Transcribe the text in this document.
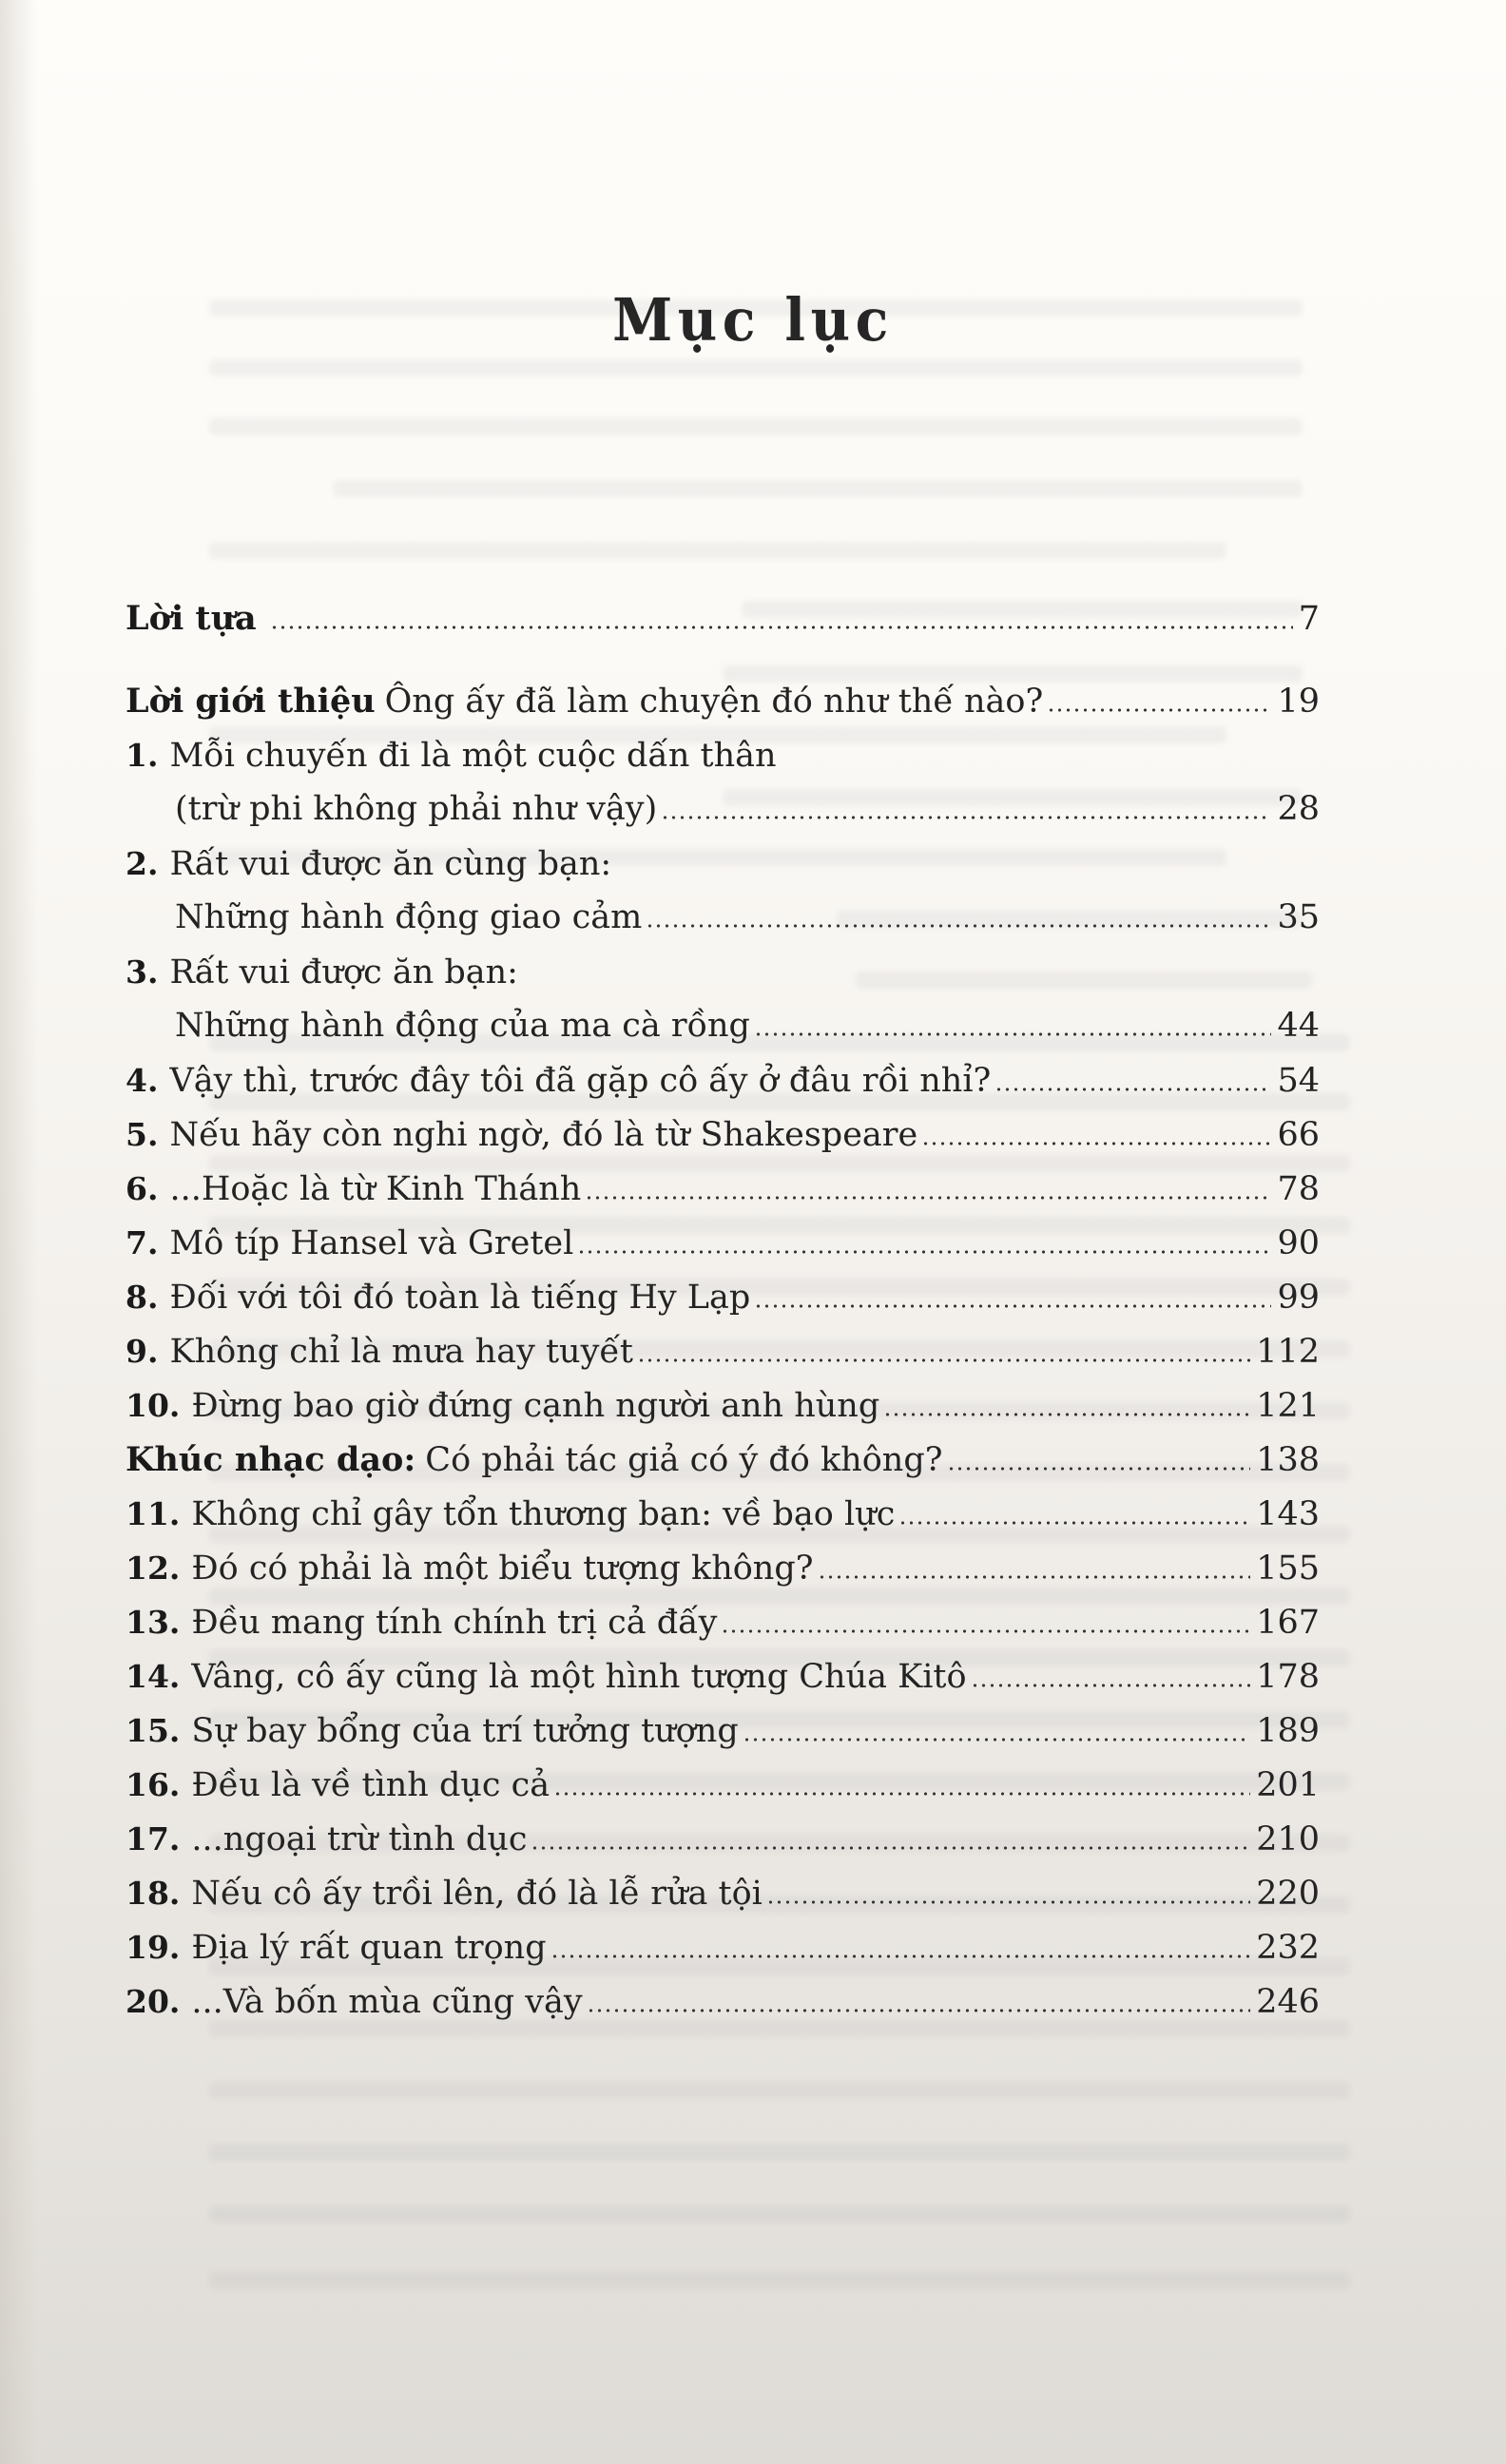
Mục lục
Lời tựa	7
Lời giới thiệu Ông ấy đã làm chuyện đó như thế nào?	19
1. Mỗi chuyến đi là một cuộc dấn thân
(trừ phi không phải như vậy)	28
2. Rất vui được ăn cùng bạn:
Những hành động giao cảm	35
3. Rất vui được ăn bạn:
Những hành động của ma cà rồng	44
4. Vậy thì, trước đây tôi đã gặp cô ấy ở đâu rồi nhỉ?	54
5. Nếu hãy còn nghi ngờ, đó là từ Shakespeare	66
6. ...Hoặc là từ Kinh Thánh	78
7. Mô típ Hansel và Gretel	90
8. Đối với tôi đó toàn là tiếng Hy Lạp	99
9. Không chỉ là mưa hay tuyết	112
10. Đừng bao giờ đứng cạnh người anh hùng	121
Khúc nhạc dạo: Có phải tác giả có ý đó không?	138
11. Không chỉ gây tổn thương bạn: về bạo lực	143
12. Đó có phải là một biểu tượng không?	155
13. Đều mang tính chính trị cả đấy	167
14. Vâng, cô ấy cũng là một hình tượng Chúa Kitô	178
15. Sự bay bổng của trí tưởng tượng	189
16. Đều là về tình dục cả	201
17. ...ngoại trừ tình dục	210
18. Nếu cô ấy trồi lên, đó là lễ rửa tội	220
19. Địa lý rất quan trọng	232
20. ...Và bốn mùa cũng vậy	246
